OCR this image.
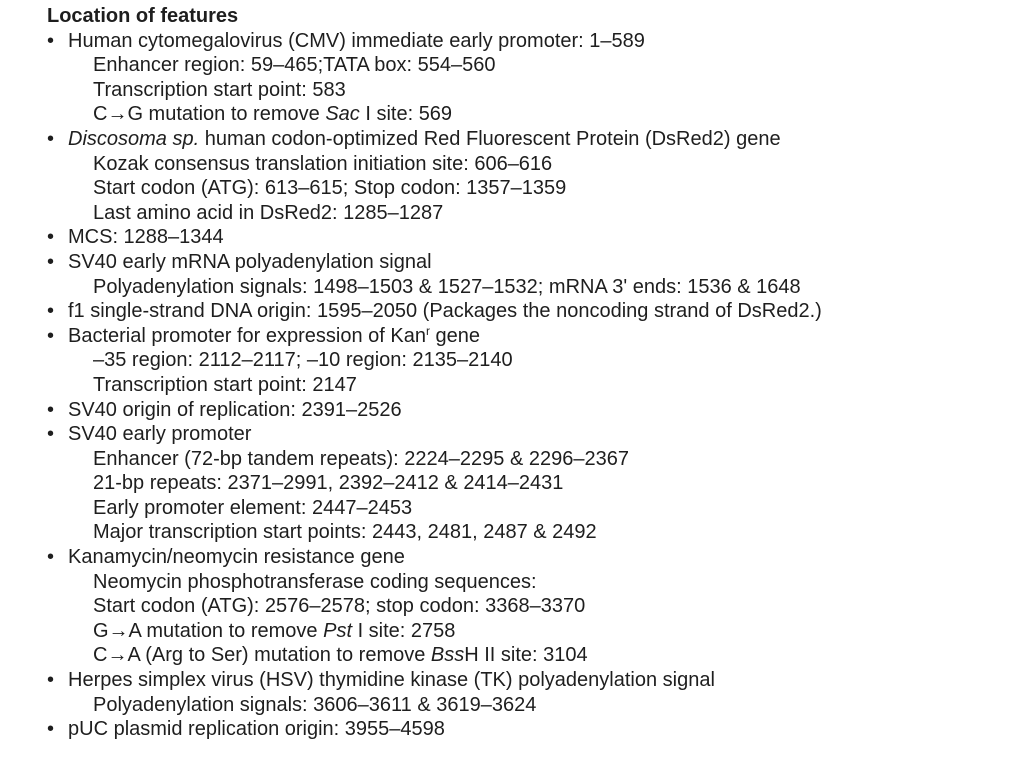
Location of features
• Human cytomegalovirus (CMV) immediate early promoter: 1–589
Enhancer region: 59–465;TATA box: 554–560
Transcription start point: 583
C→G mutation to remove Sac I site: 569
• Discosoma sp. human codon-optimized Red Fluorescent Protein (DsRed2) gene
Kozak consensus translation initiation site: 606–616
Start codon (ATG): 613–615; Stop codon: 1357–1359
Last amino acid in DsRed2: 1285–1287
• MCS: 1288–1344
• SV40 early mRNA polyadenylation signal
Polyadenylation signals: 1498–1503 & 1527–1532; mRNA 3' ends: 1536 & 1648
• f1 single-strand DNA origin: 1595–2050 (Packages the noncoding strand of DsRed2.)
• Bacterial promoter for expression of Kan$^r$ gene
–35 region: 2112–2117; –10 region: 2135–2140
Transcription start point: 2147
• SV40 origin of replication: 2391–2526
• SV40 early promoter
Enhancer (72-bp tandem repeats): 2224–2295 & 2296–2367
21-bp repeats: 2371–2991, 2392–2412 & 2414–2431
Early promoter element: 2447–2453
Major transcription start points: 2443, 2481, 2487 & 2492
• Kanamycin/neomycin resistance gene
Neomycin phosphotransferase coding sequences:
Start codon (ATG): 2576–2578; stop codon: 3368–3370
G→A mutation to remove Pst I site: 2758
C→A (Arg to Ser) mutation to remove BssH II site: 3104
• Herpes simplex virus (HSV) thymidine kinase (TK) polyadenylation signal
Polyadenylation signals: 3606–3611 & 3619–3624
• pUC plasmid replication origin: 3955–4598
